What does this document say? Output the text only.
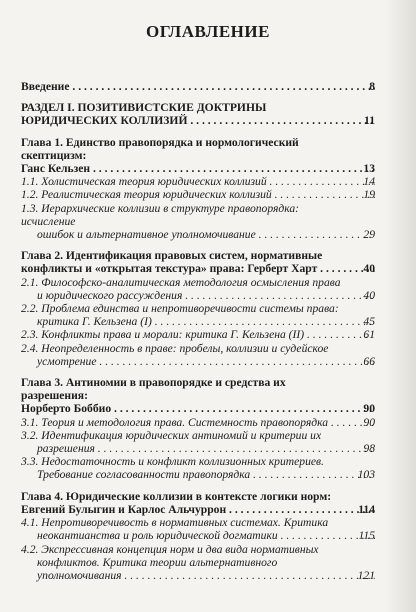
ОГЛАВЛЕНИЕ
Введение . . .	8
РАЗДЕЛ I. ПОЗИТИВИСТСКИЕ ДОКТРИНЫ
ЮРИДИЧЕСКИХ КОЛЛИЗИЙ . . .	11
Глава 1. Единство правопорядка и нормологический скептицизм:
Ганс Кельзен . . .	13
1.1. Холистическая теория юридических коллизий . . .	14
1.2. Реалистическая теория юридических коллизий . . .	19
1.3. Иерархические коллизии в структуре правопорядка: исчисление
ошибок и альтернативное уполномочивание . . .	29
Глава 2. Идентификация правовых систем, нормативные
конфликты и «открытая текстура» права: Герберт Харт . . .	40
2.1. Философско-аналитическая методология осмысления права
и юридического рассуждения . . .	40
2.2. Проблема единства и непротиворечивости системы права:
критика Г. Кельзена (I) . . .	45
2.3. Конфликты права и морали: критика Г. Кельзена (II) . . .	61
2.4. Неопределенность в праве: пробелы, коллизии и судейское
усмотрение . . .	66
Глава 3. Антиномии в правопорядке и средства их разрешения:
Норберто Боббио . . .	90
3.1. Теория и методология права. Системность правопорядка . . .	90
3.2. Идентификация юридических антиномий и критерии их
разрешения . . .	98
3.3. Недостаточность и конфликт коллизионных критериев.
Требование согласованности правопорядка . . .	103
Глава 4. Юридические коллизии в контексте логики норм:
Евгений Булыгин и Карлос Альчуррон . . .	114
4.1. Непротиворечивость в нормативных системах. Критика
неокантианства и роль юридической догматики . . .	115
4.2. Экспрессивная концепция норм и два вида нормативных
конфликтов. Критика теории альтернативного
уполномочивания . . .	121
